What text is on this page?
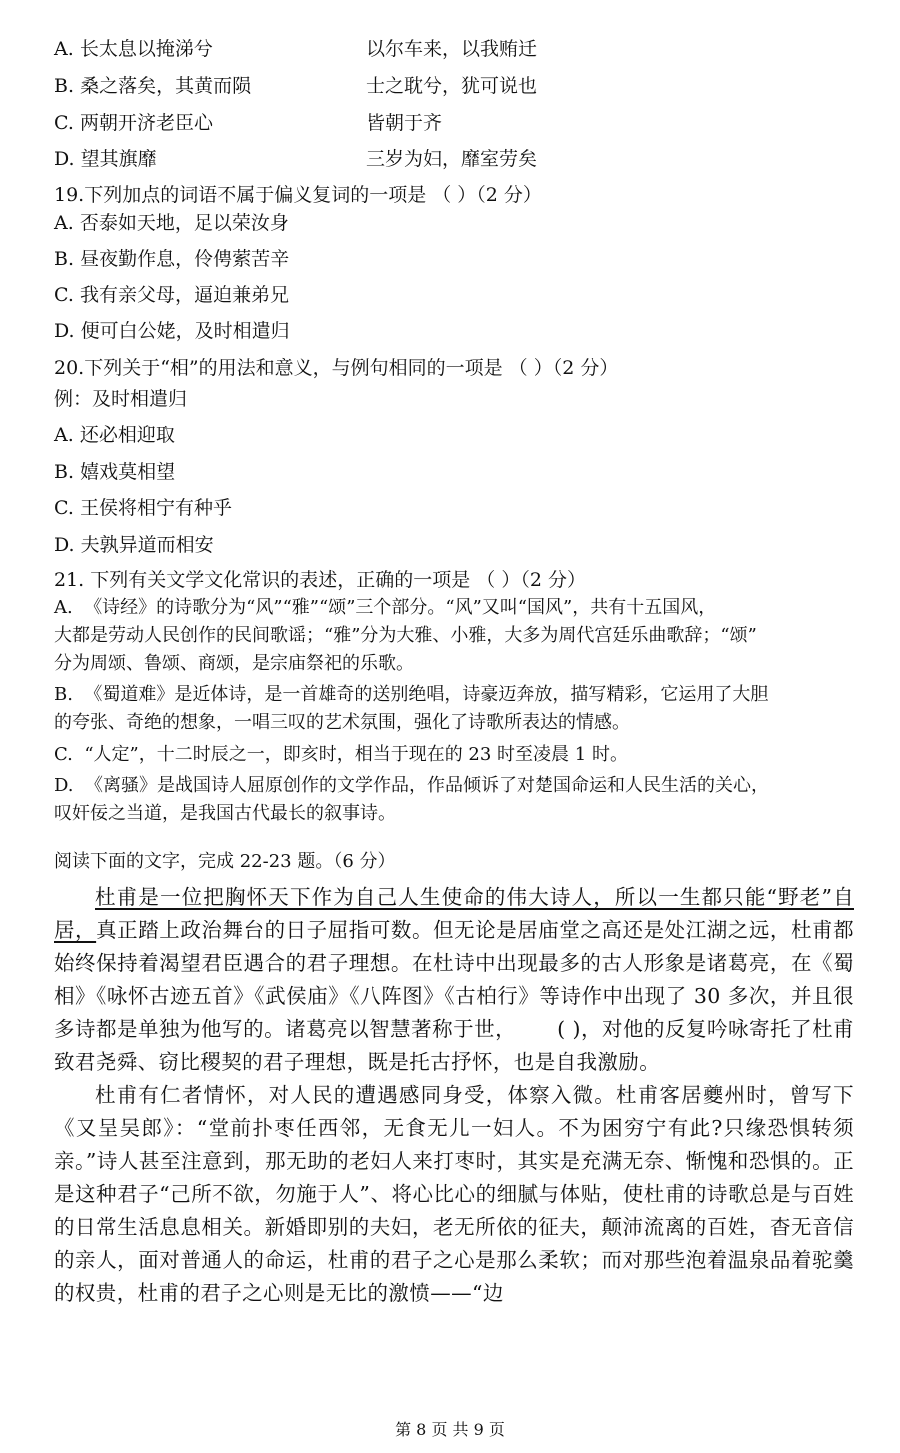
A. 长太息以掩涕兮	以尔车来，以我贿迁
B. 桑之落矣，其黄而陨	士之耽兮，犹可说也
C. 两朝开济老臣心	皆朝于齐
D. 望其旗靡	三岁为妇，靡室劳矣
19.下列加点的词语不属于偏义复词的一项是 （ ）（2 分）
A. 否泰如天地，足以荣汝身
B. 昼夜勤作息，伶俜萦苦辛
C. 我有亲父母，逼迫兼弟兄
D. 便可白公姥，及时相遣归
20.下列关于“相”的用法和意义，与例句相同的一项是 （ ）（2 分）
例：及时相遣归
A. 还必相迎取
B. 嬉戏莫相望
C. 王侯将相宁有种乎
D. 夫孰异道而相安
21. 下列有关文学文化常识的表述，正确的一项是 （ ）（2 分）
A. 《诗经》的诗歌分为“风”“雅”“颂”三个部分。“风”又叫“国风”，共有十五国风，
大都是劳动人民创作的民间歌谣；“雅”分为大雅、小雅，大多为周代宫廷乐曲歌辞；“颂”
分为周颂、鲁颂、商颂，是宗庙祭祀的乐歌。
B. 《蜀道难》是近体诗，是一首雄奇的送别绝唱，诗豪迈奔放，描写精彩，它运用了大胆
的夸张、奇绝的想象，一唱三叹的艺术氛围，强化了诗歌所表达的情感。
C. “人定”，十二时辰之一，即亥时，相当于现在的 23 时至凌晨 1 时。
D. 《离骚》是战国诗人屈原创作的文学作品，作品倾诉了对楚国命运和人民生活的关心，
叹奸佞之当道，是我国古代最长的叙事诗。
阅读下面的文字，完成 22-23 题。（6 分）

杜甫是一位把胸怀天下作为自己人生使命的伟大诗人，所以一生都只能“野老”自居，真正踏上政治舞台的日子屈指可数。但无论是居庙堂之高还是处江湖之远，杜甫都始终保持着渴望君臣遇合的君子理想。在杜诗中出现最多的古人形象是诸葛亮，在《蜀相》《咏怀古迹五首》《武侯庙》《八阵图》《古柏行》等诗作中出现了 30 多次，并且很多诗都是单独为他写的。诸葛亮以智慧著称于世， ( )，对他的反复吟咏寄托了杜甫致君尧舜、窃比稷契的君子理想，既是托古抒怀，也是自我激励。

杜甫有仁者情怀，对人民的遭遇感同身受，体察入微。杜甫客居夔州时，曾写下《又呈吴郎》：“堂前扑枣任西邻，无食无儿一妇人。不为困穷宁有此?只缘恐惧转须亲。”诗人甚至注意到，那无助的老妇人来打枣时，其实是充满无奈、惭愧和恐惧的。正是这种君子“己所不欲，勿施于人”、将心比心的细腻与体贴，使杜甫的诗歌总是与百姓的日常生活息息相关。新婚即别的夫妇，老无所依的征夫，颠沛流离的百姓，杳无音信的亲人，面对普通人的命运，杜甫的君子之心是那么柔软；而对那些泡着温泉品着驼羹的权贵，杜甫的君子之心则是无比的激愤——“边

第 8 页 共 9 页
